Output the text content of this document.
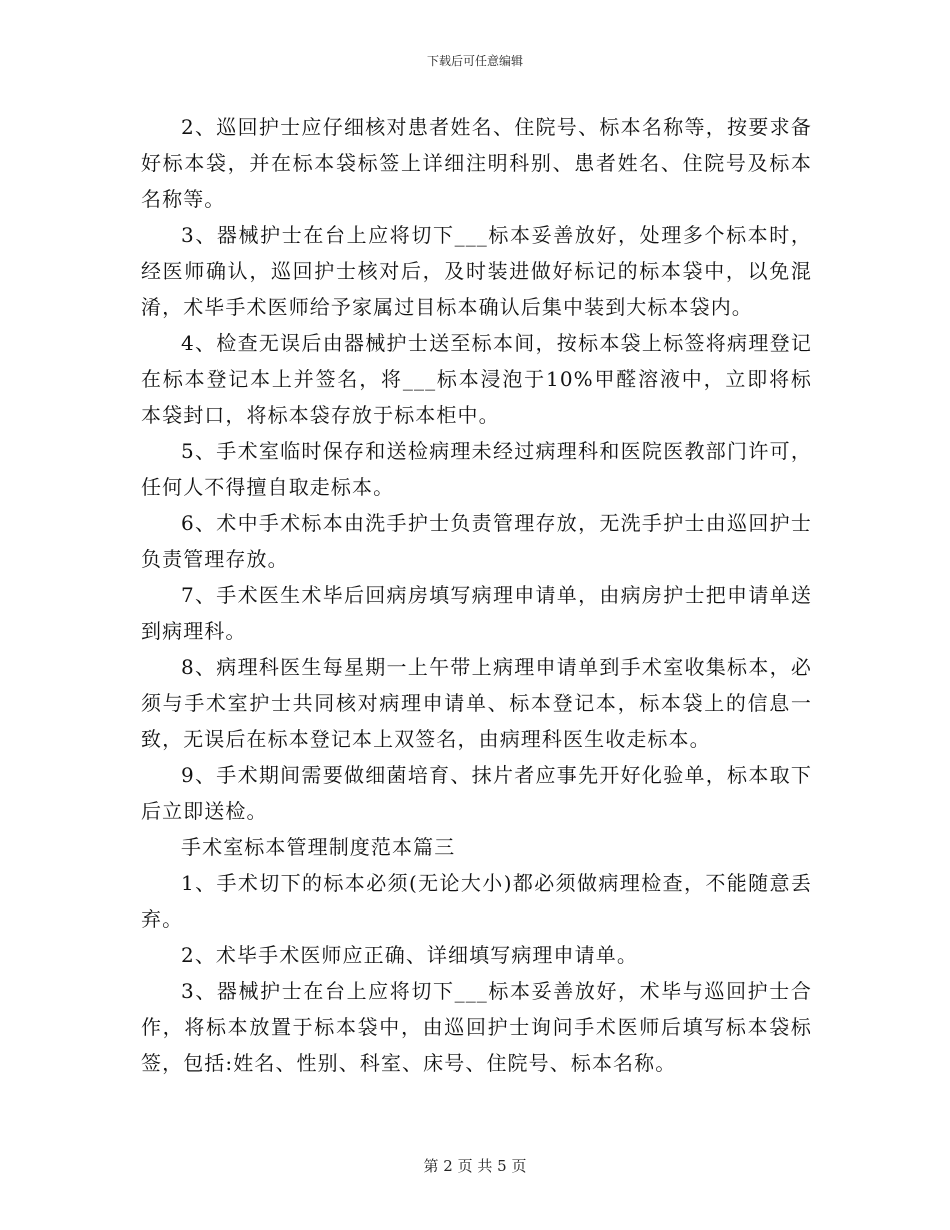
下载后可任意编辑

2、巡回护士应仔细核对患者姓名、住院号、标本名称等，按要求备好标本袋，并在标本袋标签上详细注明科别、患者姓名、住院号及标本名称等。

3、器械护士在台上应将切下___标本妥善放好，处理多个标本时，经医师确认，巡回护士核对后，及时装进做好标记的标本袋中，以免混淆，术毕手术医师给予家属过目标本确认后集中装到大标本袋内。

4、检查无误后由器械护士送至标本间，按标本袋上标签将病理登记在标本登记本上并签名，将___标本浸泡于10%甲醛溶液中，立即将标本袋封口，将标本袋存放于标本柜中。

5、手术室临时保存和送检病理未经过病理科和医院医教部门许可，任何人不得擅自取走标本。

6、术中手术标本由洗手护士负责管理存放，无洗手护士由巡回护士负责管理存放。

7、手术医生术毕后回病房填写病理申请单，由病房护士把申请单送到病理科。

8、病理科医生每星期一上午带上病理申请单到手术室收集标本，必须与手术室护士共同核对病理申请单、标本登记本，标本袋上的信息一致，无误后在标本登记本上双签名，由病理科医生收走标本。

9、手术期间需要做细菌培育、抹片者应事先开好化验单，标本取下后立即送检。

手术室标本管理制度范本篇三

1、手术切下的标本必须(无论大小)都必须做病理检查，不能随意丢弃。

2、术毕手术医师应正确、详细填写病理申请单。

3、器械护士在台上应将切下___标本妥善放好，术毕与巡回护士合作，将标本放置于标本袋中，由巡回护士询问手术医师后填写标本袋标签，包括:姓名、性别、科室、床号、住院号、标本名称。

第 2 页 共 5 页
